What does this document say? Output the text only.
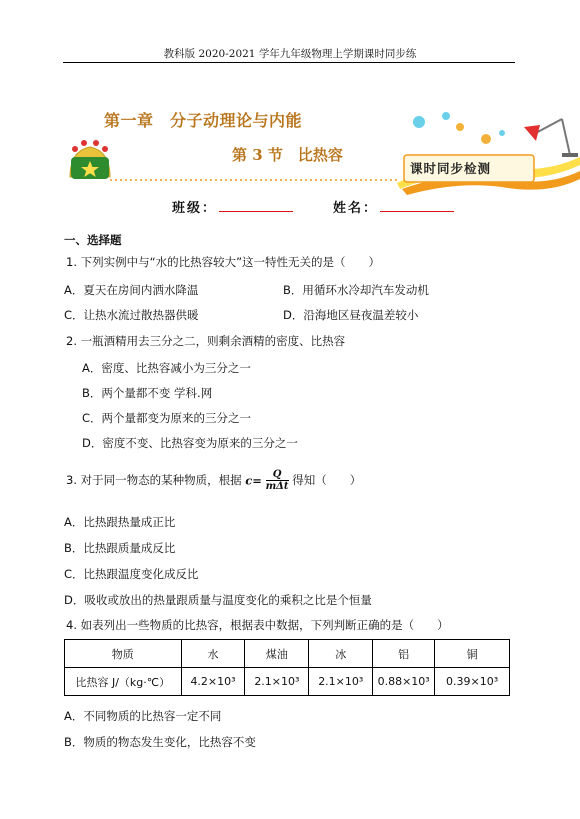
教科版 2020-2021 学年九年级物理上学期课时同步练
第一章　分子动理论与内能
第 3 节　比热容
课时同步检测
班级：	姓名：
一、选择题
1. 下列实例中与“水的比热容较大”这一特性无关的是（　　）
A．夏天在房间内洒水降温	B．用循环水冷却汽车发动机
C．让热水流过散热器供暖	D．沿海地区昼夜温差较小
2. 一瓶酒精用去三分之二，则剩余酒精的密度、比热容
A．密度、比热容减小为三分之一
B．两个量都不变 学科.网
C．两个量都变为原来的三分之一
D．密度不变、比热容变为原来的三分之一
3. 对于同一物态的某种物质，根据 $c= \frac{Q}{\text{mΔt}}$ 得知（　　）
A．比热跟热量成正比
B．比热跟质量成反比
C．比热跟温度变化成反比
D．吸收或放出的热量跟质量与温度变化的乘积之比是个恒量
4. 如表列出一些物质的比热容，根据表中数据，下列判断正确的是（　　）
物质	水	煤油	冰	铝	铜
比热容 J/（kg·℃）	4.2×10³	2.1×10³	2.1×10³	0.88×10³	0.39×10³
A．不同物质的比热容一定不同
B．物质的物态发生变化，比热容不变
